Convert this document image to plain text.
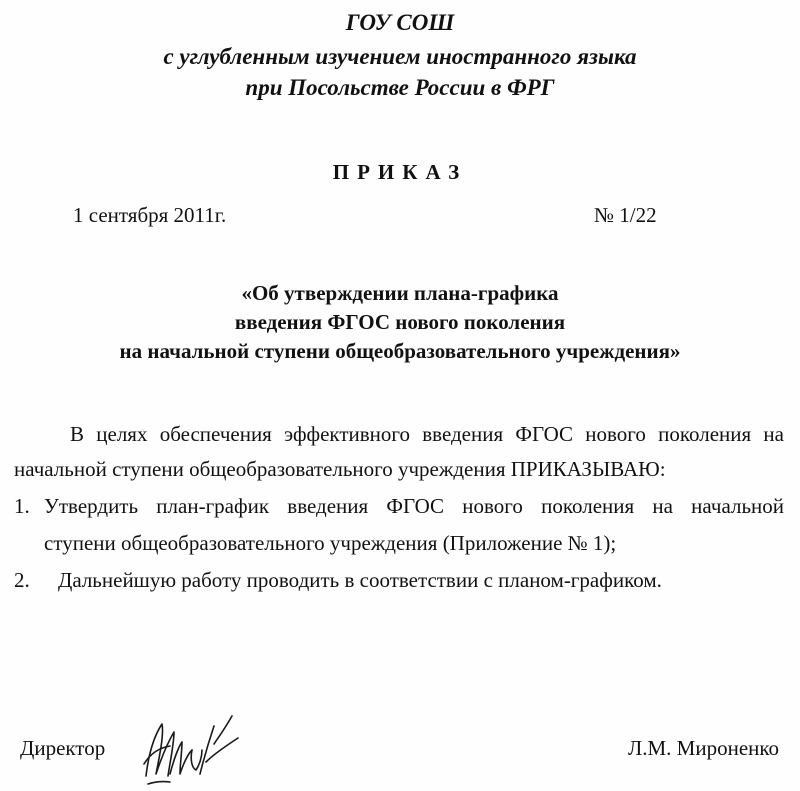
ГОУ СОШ
с углубленным изучением иностранного языка
при Посольстве России в ФРГ
ПРИКАЗ
1 сентября 2011г.	№ 1/22
«Об утверждении плана-графика
введения ФГОС нового поколения
на начальной ступени общеобразовательного учреждения»
В целях обеспечения эффективного введения ФГОС нового поколения на
начальной ступени общеобразовательного учреждения ПРИКАЗЫВАЮ:
1. Утвердить план-график введения ФГОС нового поколения на начальной
ступени общеобразовательного учреждения (Приложение № 1);
2. Дальнейшую работу проводить в соответствии с планом-графиком.
Директор	Л.М. Мироненко
